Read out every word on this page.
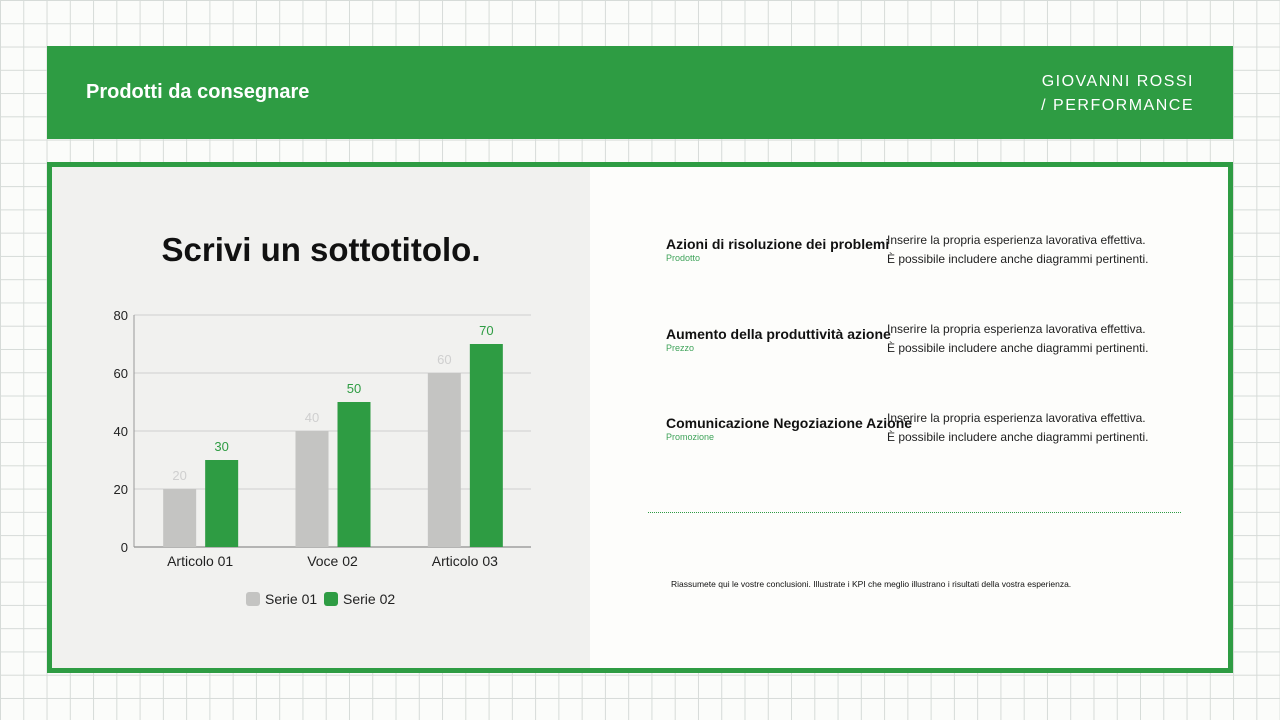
Prodotti da consegnare	GIOVANNI ROSSI
/ PERFORMANCE
Scrivi un sottotitolo.
0
20
40
60
80
20
30
Articolo 01
40
50
Voce 02
60
70
Articolo 03
Serie 01 Serie 02
Azioni di risoluzione dei problemi
Prodotto
Inserire la propria esperienza lavorativa effettiva.
È possibile includere anche diagrammi pertinenti.
Aumento della produttività azione
Prezzo
Inserire la propria esperienza lavorativa effettiva.
È possibile includere anche diagrammi pertinenti.
Comunicazione Negoziazione Azione
Promozione
Inserire la propria esperienza lavorativa effettiva.
È possibile includere anche diagrammi pertinenti.
Riassumete qui le vostre conclusioni. Illustrate i KPI che meglio illustrano i risultati della vostra esperienza.
